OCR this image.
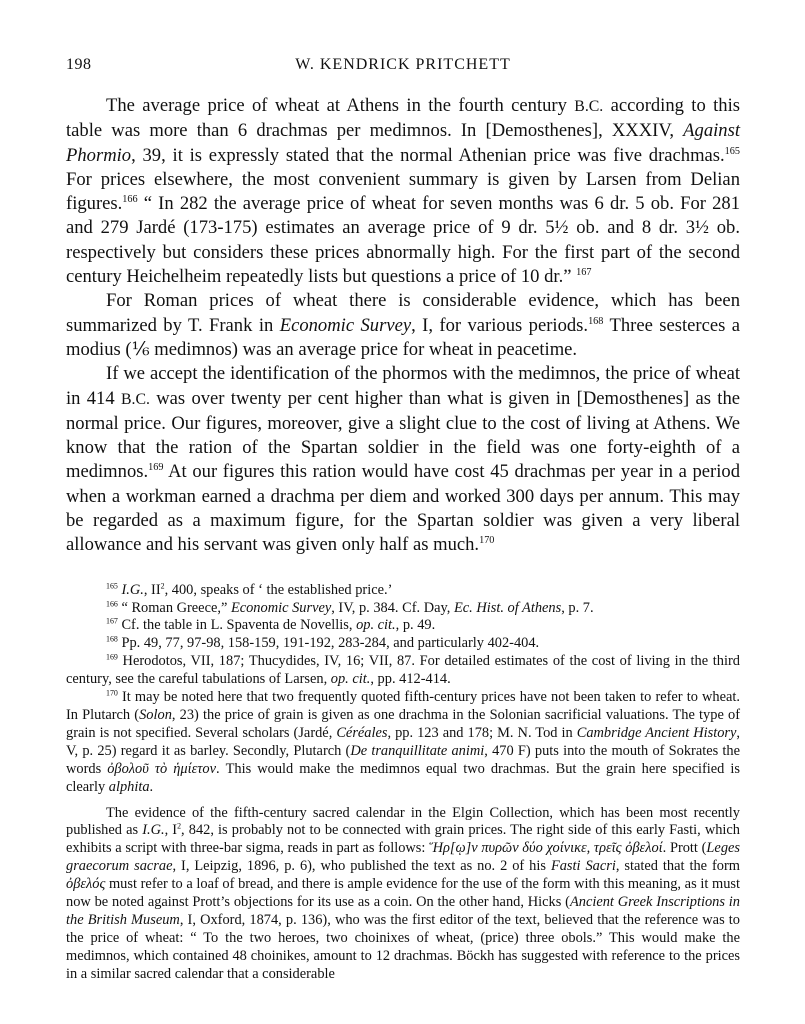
198	W. KENDRICK PRITCHETT

The average price of wheat at Athens in the fourth century B.C. according to this table was more than 6 drachmas per medimnos. In [Demosthenes], XXXIV, Against Phormio, 39, it is expressly stated that the normal Athenian price was five drachmas.$^{165}$ For prices elsewhere, the most convenient summary is given by Larsen from Delian figures.$^{166}$ “ In 282 the average price of wheat for seven months was 6 dr. 5 ob. For 281 and 279 Jardé (173-175) estimates an average price of 9 dr. 5½ ob. and 8 dr. 3½ ob. respectively but considers these prices abnormally high. For the first part of the second century Heichelheim repeatedly lists but questions a price of 10 dr.” $^{167}$

For Roman prices of wheat there is considerable evidence, which has been summarized by T. Frank in Economic Survey, I, for various periods.$^{168}$ Three sesterces a modius (⅙ medimnos) was an average price for wheat in peacetime.

If we accept the identification of the phormos with the medimnos, the price of wheat in 414 B.C. was over twenty per cent higher than what is given in [Demosthenes] as the normal price. Our figures, moreover, give a slight clue to the cost of living at Athens. We know that the ration of the Spartan soldier in the field was one forty-eighth of a medimnos.$^{169}$ At our figures this ration would have cost 45 drachmas per year in a period when a workman earned a drachma per diem and worked 300 days per annum. This may be regarded as a maximum figure, for the Spartan soldier was given a very liberal allowance and his servant was given only half as much.$^{170}$

$^{165}$ I.G., $II^2$, 400, speaks of ‘ the established price.’

$^{166}$ “ Roman Greece,” Economic Survey, IV, p. 384. Cf. Day, Ec. Hist. of Athens, p. 7.

$^{167}$ Cf. the table in L. Spaventa de Novellis, op. cit., p. 49.

$^{168}$ Pp. 49, 77, 97-98, 158-159, 191-192, 283-284, and particularly 402-404.

$^{169}$ Herodotos, VII, 187; Thucydides, IV, 16; VII, 87. For detailed estimates of the cost of living in the third century, see the careful tabulations of Larsen, op. cit., pp. 412-414.

$^{170}$ It may be noted here that two frequently quoted fifth-century prices have not been taken to refer to wheat. In Plutarch (Solon, 23) the price of grain is given as one drachma in the Solonian sacrificial valuations. The type of grain is not specified. Several scholars (Jardé, Céréales, pp. 123 and 178; M. N. Tod in Cambridge Ancient History, V, p. 25) regard it as barley. Secondly, Plutarch (De tranquillitate animi, 470 F) puts into the mouth of Sokrates the words ὀβολοῦ τὸ ἡμίετον. This would make the medimnos equal two drachmas. But the grain here specified is clearly alphita.

The evidence of the fifth-century sacred calendar in the Elgin Collection, which has been most recently published as I.G., $I^2$, 842, is probably not to be connected with grain prices. The right side of this early Fasti, which exhibits a script with three-bar sigma, reads in part as follows: Ἥρ[ῳ]ν πυρῶν δύο χοίνικε, τρεῖς ὀβελοί. Prott (Leges graecorum sacrae, I, Leipzig, 1896, p. 6), who published the text as no. 2 of his Fasti Sacri, stated that the form ὀβελός must refer to a loaf of bread, and there is ample evidence for the use of the form with this meaning, as it must now be noted against Prott’s objections for its use as a coin. On the other hand, Hicks (Ancient Greek Inscriptions in the British Museum, I, Oxford, 1874, p. 136), who was the first editor of the text, believed that the reference was to the price of wheat: “ To the two heroes, two choinixes of wheat, (price) three obols.” This would make the medimnos, which contained 48 choinikes, amount to 12 drachmas. Böckh has suggested with reference to the prices in a similar sacred calendar that a considerable
